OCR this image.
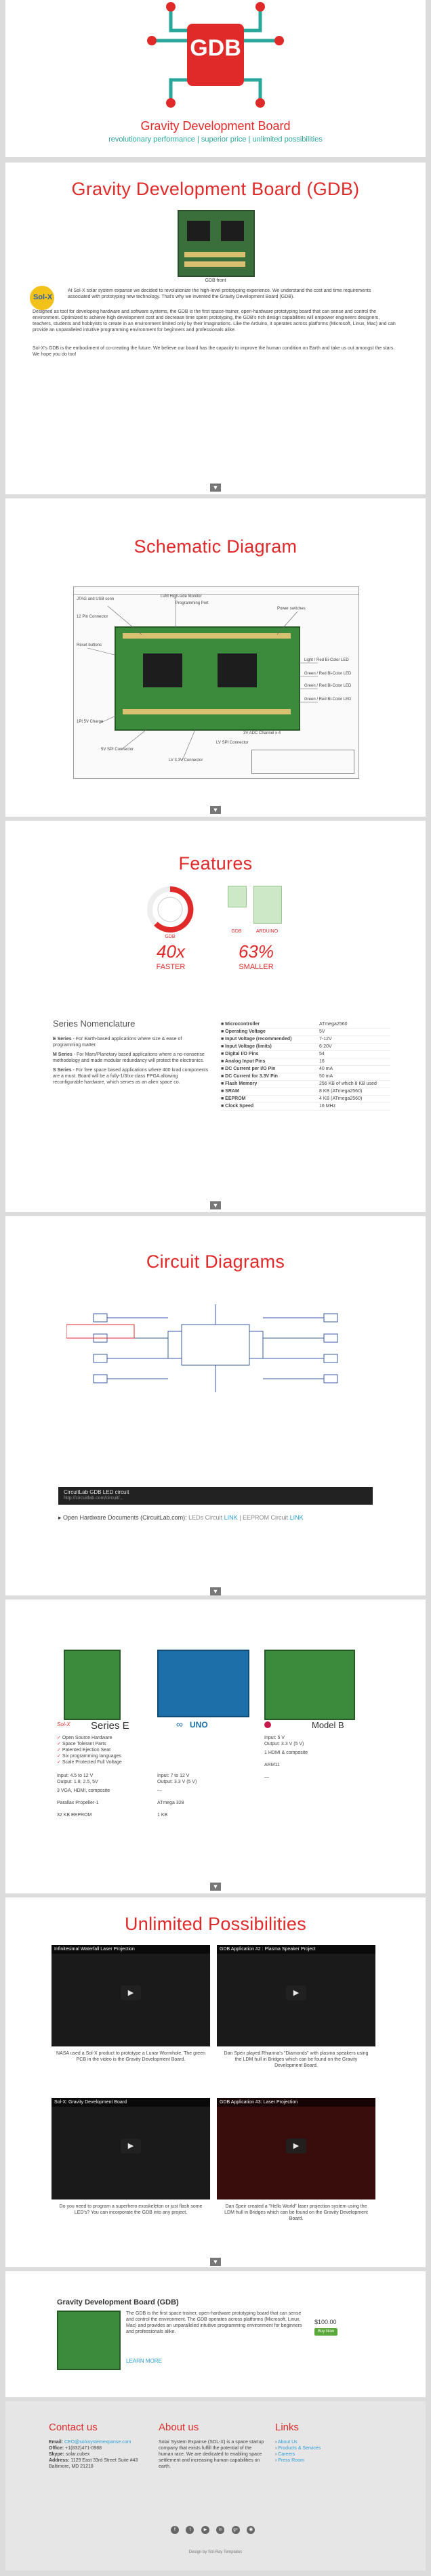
GDB
Gravity Development Board
revolutionary performance | superior price | unlimited possibilities
Gravity Development Board (GDB)
GDB front
Sol-X
At Sol-X solar system expanse we decided to revolutionize the high-level prototyping experience. We understand the cost and time requirements associated with prototyping new technology. That's why we invented the Gravity Development Board (GDB).
Designed as tool for developing hardware and software systems, the GDB is the first space-trainer, open-hardware prototyping board that can sense and control the environment. Optimized to achieve high development cost and decrease time spent prototyping, the GDB's rich design capabilities will empower engineers designers, teachers, students and hobbyists to create in an environment limited only by their imaginations. Like the Arduino, it operates across platforms (Microsoft, Linux, Mac) and can provide an unparalleled intuitive programming environment for beginners and professionals alike.
Sol-X's GDB is the embodiment of co-creating the future. We believe our board has the capacity to improve the human condition on Earth and take us out amongst the stars. We hope you do too!
▼
Schematic Diagram
LVM High-side Monitor
Programming Port
Power switches
Reset buttons
Light / Red Bi-Color LED
Green / Red Bi-Color LED
Green / Red Bi-Color LED
Green / Red Bi-Color LED
12 Pin Connector
1Pt 5V Charge
5V SPI Connector
LV 3.3V Connector
LV SPI Connector
3V ADC Channel x 4
JTAG and USB conn
▼
Features
GDB
40x
FASTER
GDB	ARDUINO
63%
SMALLER
Series Nomenclature
E Series - For Earth-based applications where size & ease of programming matter.
M Series - For Mars/Planetary based applications where a no-nonsense methodology and made modular redundancy will protect the electronics.
S Series - For free space based applications where 400 krad components are a must. Board will be a fully-1/3/xx-class FPGA allowing reconfigurable hardware, which serves as an alien space co.
■ Microcontroller	ATmega2560
■ Operating Voltage	5V
■ Input Voltage (recommended)	7-12V
■ Input Voltage (limits)	6-20V
■ Digital I/O Pins	54
■ Analog Input Pins	16
■ DC Current per I/O Pin	40 mA
■ DC Current for 3.3V Pin	50 mA
■ Flash Memory	256 KB of which 8 KB used
■ SRAM	8 KB (ATmega2560)
■ EEPROM	4 KB (ATmega2560)
■ Clock Speed	16 MHz
▼
Circuit Diagrams
CircuitLab GDB LED circuit
http://circuitlab.com/circuit/...
▸ Open Hardware Documents (CircuitLab.com): LEDs Circuit LINK | EEPROM Circuit LINK
▼
Series E
Sol-X
✓ Open Source Hardware
✓ Space Tolerant Parts
✓ Patented Ejection Seat
✓ Six programming languages
✓ Scale Protected Full Voltage
Input: 4.5 to 12 V
Output: 1.8, 2.5, 5V
3 VGA, HDMI, composite
Parallax Propeller-1
32 KB EEPROM
∞ UNO
Input: 7 to 12 V
Output: 3.3 V (5 V)
—
ATmega 328
1 KB
Model B
Input: 5 V
Output: 3.3 V (5 V)
1 HDMI & composite
ARM11
—
▼
Unlimited Possibilities
Infinitesimal Waterfall Laser Projection
▶
NASA used a Sol-X product to prototype a Lunar Wormhole. The green PCB in the video is the Gravity Development Board.
GDB Application #2 : Plasma Speaker Project
▶
Dan Speir played Rhianna's "Diamonds" with plasma speakers using the LDM hull in Bridges which can be found on the Gravity Development Board.
Sol-X: Gravity Development Board
▶
Do you need to program a superhero exoskeleton or just flash some LED's? You can incorporate the GDB into any project.
GDB Application #3: Laser Projection
▶
Dan Speir created a "Hello World" laser projection system using the LDM hull in Bridges which can be found on the Gravity Development Board.
▼
Gravity Development Board (GDB)
The GDB is the first space-trainer, open-hardware prototyping board that can sense and control the environment. The GDB operates across platforms (Microsoft, Linux, Mac) and provides an unparalleled intuitive programming environment for beginners and professionals alike.
LEARN MORE
$100.00
Buy Now
Contact us
Email: CEO@solxsystemexpanse.com
Office: +1(832)471-0988
Skype: solar.cubex
Address: 1129 East 33rd Street Suite #43
Baltimore, MD 21218
About us
Solar System Expanse (SOL-X) is a space startup company that exists fulfill the potential of the human race. We are dedicated to enabling space settlement and increasing human capabilities on earth.
Links
› About Us
› Products & Services
› Careers
› Press Room
f	t	▶	in	g+ ◉
Design by Sol-Ray Templates
